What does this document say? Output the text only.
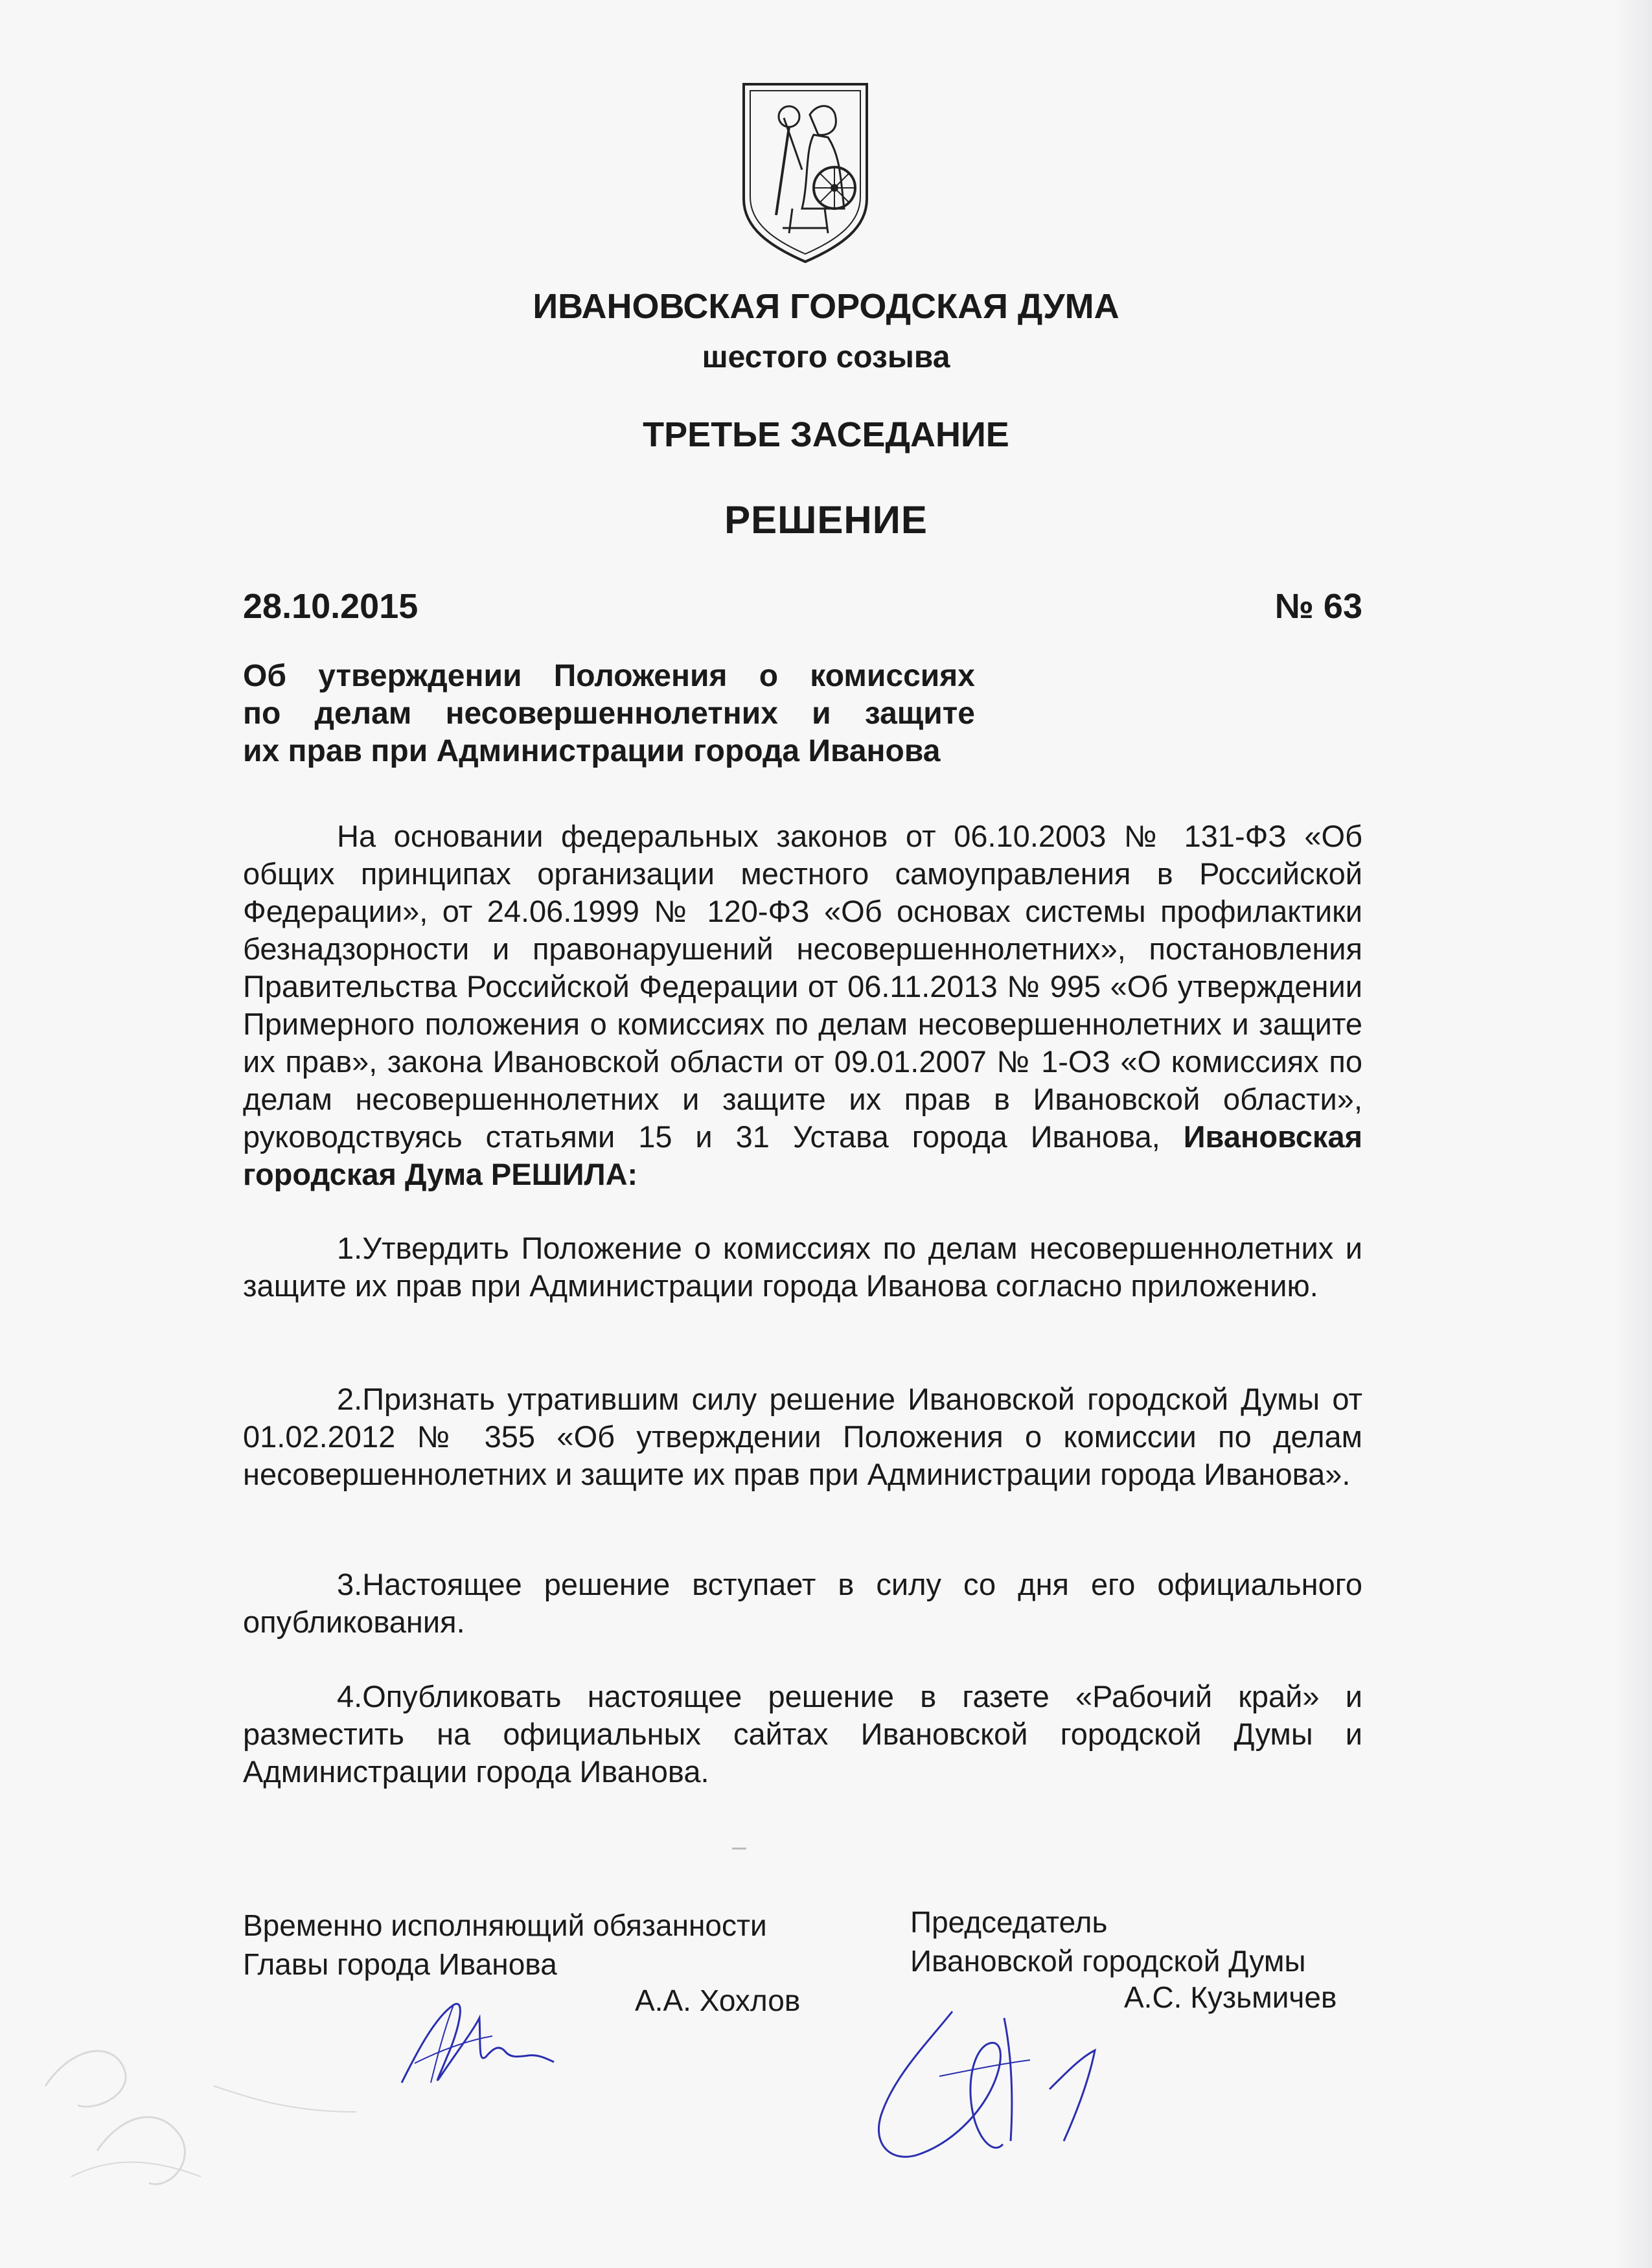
ИВАНОВСКАЯ ГОРОДСКАЯ ДУМА

шестого созыва

ТРЕТЬЕ ЗАСЕДАНИЕ

РЕШЕНИЕ

28.10.2015	№ 63

Об утверждении Положения о комиссиях
по делам несовершеннолетних и защите
их прав при Администрации города Иванова

На основании федеральных законов от 06.10.2003 № 131-ФЗ «Об общих принципах организации местного самоуправления в Российской Федерации», от 24.06.1999 № 120-ФЗ «Об основах системы профилактики безнадзорности и правонарушений несовершеннолетних», постановления Правительства Российской Федерации от 06.11.2013 № 995 «Об утверждении Примерного положения о комиссиях по делам несовершеннолетних и защите их прав», закона Ивановской области от 09.01.2007 № 1-ОЗ «О комиссиях по делам несовершеннолетних и защите их прав в Ивановской области», руководствуясь статьями 15 и 31 Устава города Иванова, Ивановская городская Дума РЕШИЛА:

1.Утвердить Положение о комиссиях по делам несовершеннолетних и защите их прав при Администрации города Иванова согласно приложению.

2.Признать утратившим силу решение Ивановской городской Думы от 01.02.2012 № 355 «Об утверждении Положения о комиссии по делам несовершеннолетних и защите их прав при Администрации города Иванова».

3.Настоящее решение вступает в силу со дня его официального опубликования.

4.Опубликовать настоящее решение в газете «Рабочий край» и разместить на официальных сайтах Ивановской городской Думы и Администрации города Иванова.

Временно исполняющий обязанности

Главы города Иванова

А.А. Хохлов

Председатель

Ивановской городской Думы

А.С. Кузьмичев
